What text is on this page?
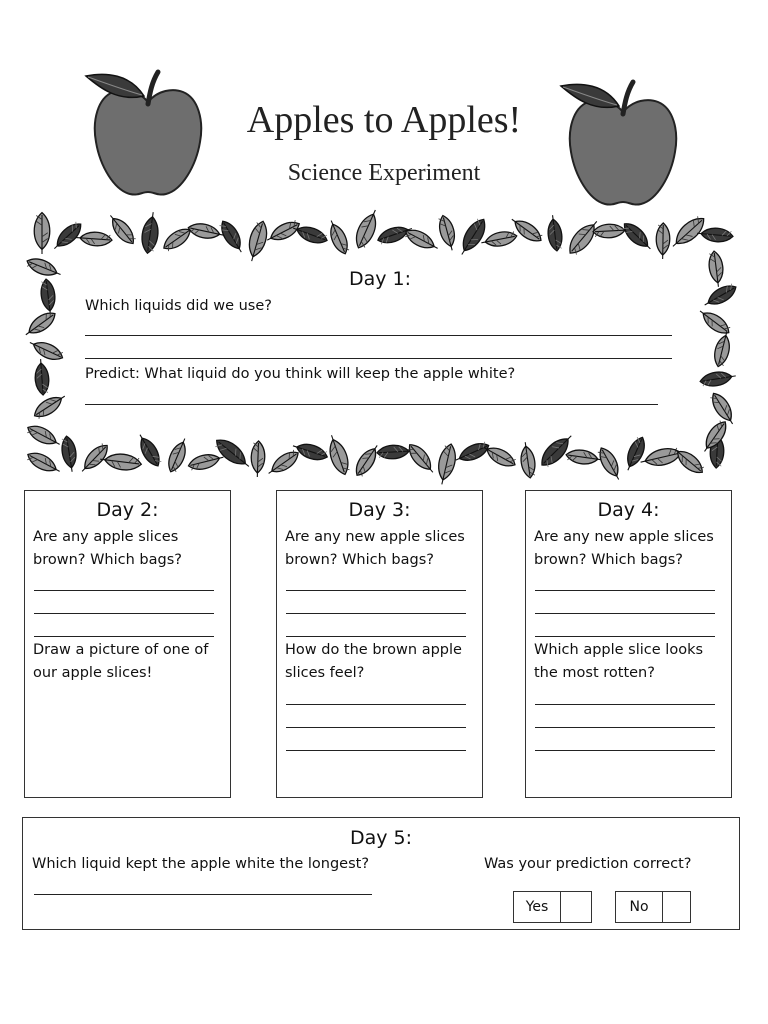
Apples to Apples!
Science Experiment
Day 1:
Which liquids did we use?
Predict: What liquid do you think will keep the apple white?
Day 2:
Are any apple slices brown? Which bags?
Draw a picture of one of our apple slices!
Day 3:
Are any new apple slices brown? Which bags?
How do the brown apple slices feel?
Day 4:
Are any new apple slices brown? Which bags?
Which apple slice looks the most rotten?
Day 5:
Which liquid kept the apple white the longest?	Was your prediction correct?
Yes	No
